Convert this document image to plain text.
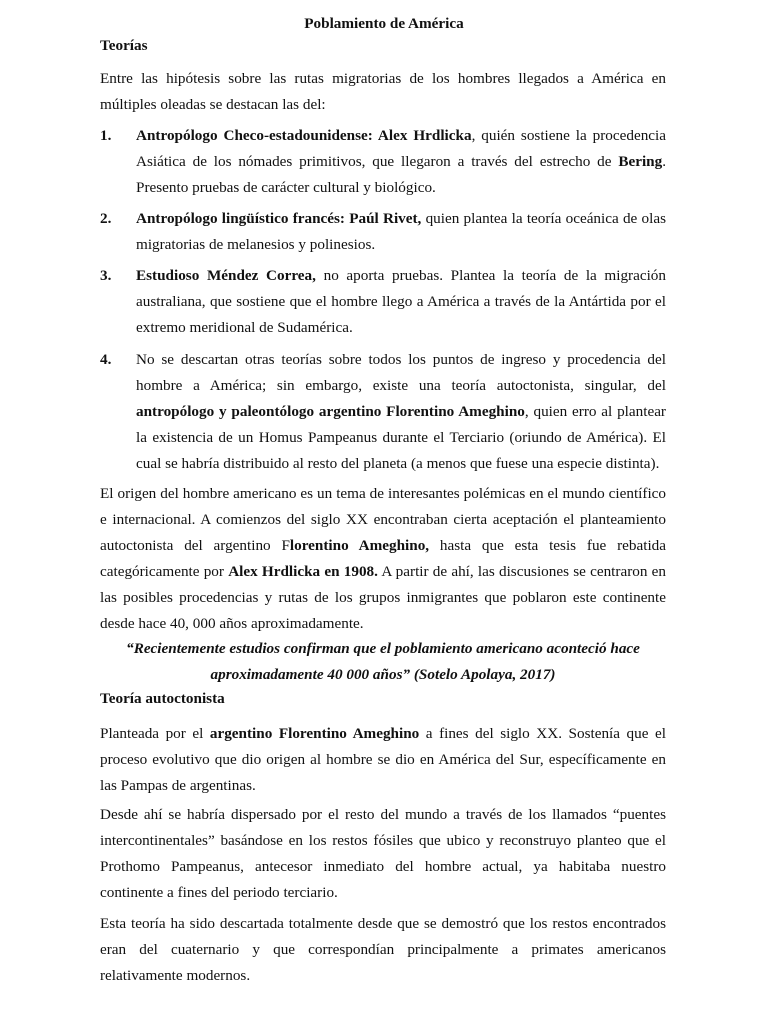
Poblamiento de América
Teorías
Entre las hipótesis sobre las rutas migratorias de los hombres llegados a América en múltiples oleadas se destacan las del:
1. Antropólogo Checo-estadounidense: Alex Hrdlicka, quién sostiene la procedencia Asiática de los nómades primitivos, que llegaron a través del estrecho de Bering. Presento pruebas de carácter cultural y biológico.
2. Antropólogo lingüístico francés: Paúl Rivet, quien plantea la teoría oceánica de olas migratorias de melanesios y polinesios.
3. Estudioso Méndez Correa, no aporta pruebas. Plantea la teoría de la migración australiana, que sostiene que el hombre llego a América a través de la Antártida por el extremo meridional de Sudamérica.
4. No se descartan otras teorías sobre todos los puntos de ingreso y procedencia del hombre a América; sin embargo, existe una teoría autoctonista, singular, del antropólogo y paleontólogo argentino Florentino Ameghino, quien erro al plantear la existencia de un Homus Pampeanus durante el Terciario (oriundo de América). El cual se habría distribuido al resto del planeta (a menos que fuese una especie distinta).
El origen del hombre americano es un tema de interesantes polémicas en el mundo científico e internacional. A comienzos del siglo XX encontraban cierta aceptación el planteamiento autoctonista del argentino Florentino Ameghino, hasta que esta tesis fue rebatida categóricamente por Alex Hrdlicka en 1908. A partir de ahí, las discusiones se centraron en las posibles procedencias y rutas de los grupos inmigrantes que poblaron este continente desde hace 40, 000 años aproximadamente.
“Recientemente estudios confirman que el poblamiento americano aconteció hace aproximadamente 40 000 años” (Sotelo Apolaya, 2017)
Teoría autoctonista
Planteada por el argentino Florentino Ameghino a fines del siglo XX. Sostenía que el proceso evolutivo que dio origen al hombre se dio en América del Sur, específicamente en las Pampas de argentinas.
Desde ahí se habría dispersado por el resto del mundo a través de los llamados “puentes intercontinentales” basándose en los restos fósiles que ubico y reconstruyo planteo que el Prothomo Pampeanus, antecesor inmediato del hombre actual, ya habitaba nuestro continente a fines del periodo terciario.
Esta teoría ha sido descartada totalmente desde que se demostró que los restos encontrados eran del cuaternario y que correspondían principalmente a primates americanos relativamente modernos.
